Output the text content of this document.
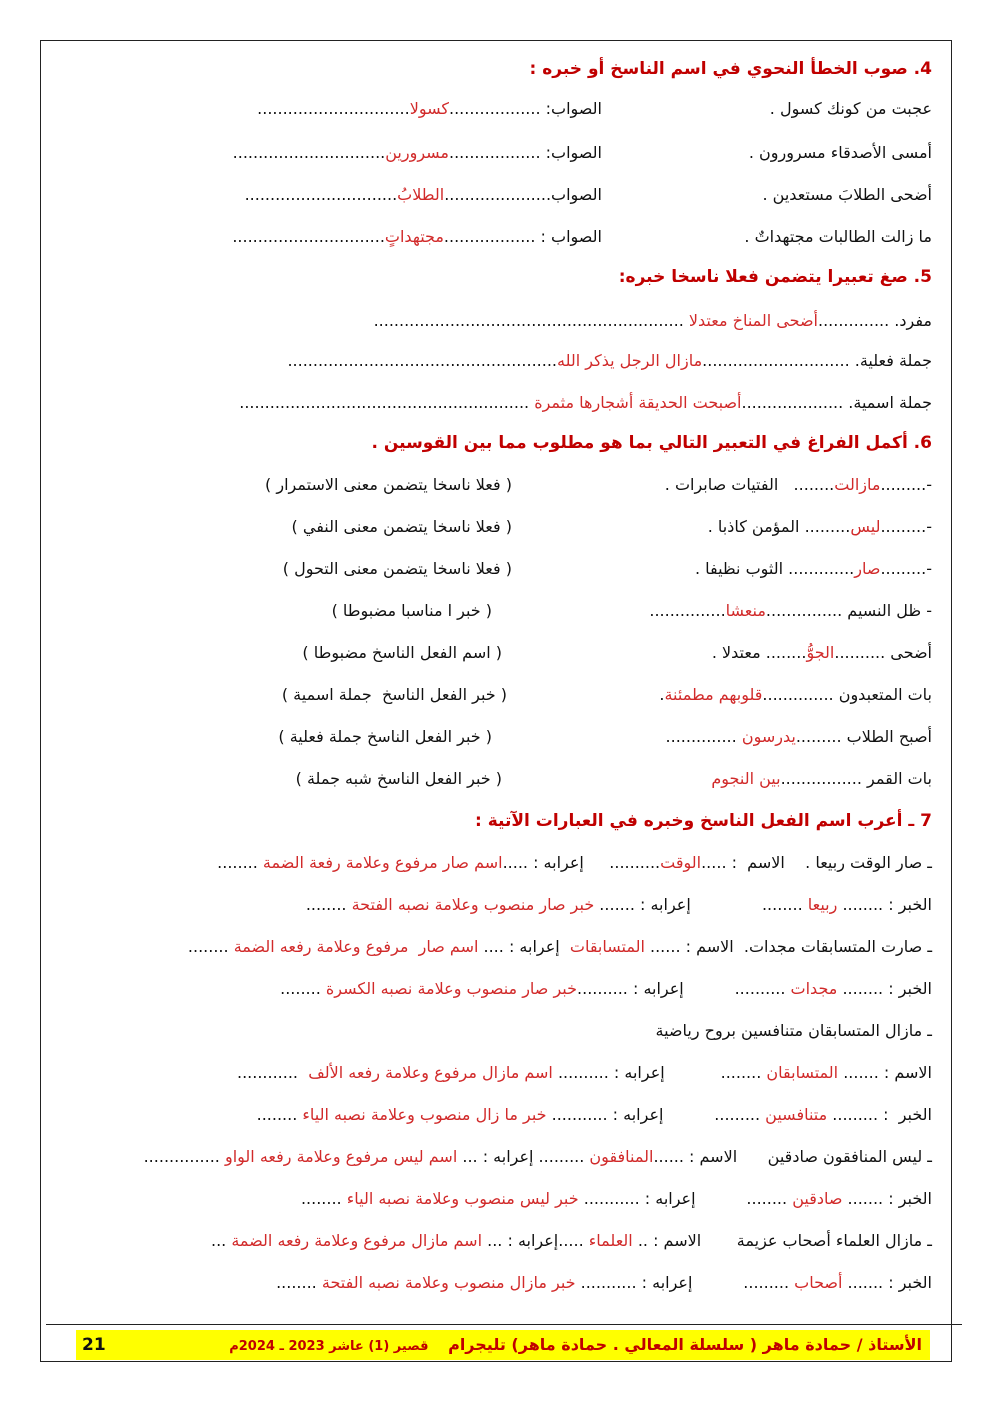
4. صوب الخطأ النحوي في اسم الناسخ أو خبره :
عجبت من كونك كسول .
الصواب: ..................كسولا..............................
أمسى الأصدقاء مسرورون .
الصواب: ..................مسرورين..............................
أضحى الطلابَ مستعدين .
الصواب.....................الطلابُ..............................
ما زالت الطالبات مجتهداتٌ .
الصواب : ..................مجتهداتٍ..............................
5. صغ تعبيرا يتضمن فعلا ناسخا خبره:
مفرد. ..............أضحى المناخ معتدلا .............................................................
جملة فعلية. .............................مازال الرجل يذكر الله.....................................................
جملة اسمية. ....................أصبحت الحديقة أشجارها مثمرة .........................................................
6. أكمل الفراغ في التعبير التالي بما هو مطلوب مما بين القوسين .
-.........مازالت........   الفتيات صابرات .
( فعلا ناسخا يتضمن معنى الاستمرار )
-.........ليس......... المؤمن كاذبا .
( فعلا ناسخا يتضمن معنى النفي )
-.........صار............. الثوب نظيفا .
( فعلا ناسخا يتضمن معنى التحول )
- ظل النسيم ...............منعشا...............
( خبر ا مناسبا مضبوطا )
أضحى ..........الجوُّ........ معتدلا .
( اسم الفعل الناسخ مضبوطا )
بات المتعبدون ..............قلوبهم مطمئنة.
( خبر الفعل الناسخ  جملة اسمية )
أصبح الطلاب .........يدرسون ..............
( خبر الفعل الناسخ جملة فعلية )
بات القمر ................بين النجوم
( خبر الفعل الناسخ شبه جملة )
7 ـ أعرب اسم الفعل الناسخ وخبره في العبارات الآتية :
ـ صار الوقت ربيعا .    الاسم  : .....الوقت..........     إعرابه : .....اسم صار مرفوع وعلامة رفعة الضمة ........
الخبر : ........ ربيعا ........              إعرابه : ....... خبر صار منصوب وعلامة نصبه الفتحة ........
ـ صارت المتسابقات مجدات.  الاسم : ...... المتسابقات  إعرابه : .... اسم صار  مرفوع وعلامة رفعه الضمة ........
الخبر : ........ مجدات ..........          إعرابه : ..........خبر صار منصوب وعلامة نصبه الكسرة ........
ـ مازال المتسابقان متنافسين بروح رياضية
الاسم : ....... المتسابقان ........           إعرابه : .......... اسم مازال مرفوع وعلامة رفعه الألف  ............
الخبر  : ......... متنافسين .........          إعرابه : ........... خبر ما زال منصوب وعلامة نصبه الياء ........
ـ ليس المنافقون صادقين      الاسم : ......المنافقون ......... إعرابه : ... اسم ليس مرفوع وعلامة رفعه الواو ...............
الخبر : ....... صادقين ........          إعرابه : ........... خبر ليس منصوب وعلامة نصبه الياء ........
ـ مازال العلماء أصحاب عزيمة       الاسم : .. العلماء .....إعرابه : ... اسم مازال مرفوع وعلامة رفعه الضمة ...
الخبر : ....... أصحاب .........          إعرابه : ........... خبر مازال منصوب وعلامة نصبه الفتحة ........
الأستاذ / حمادة ماهر ( سلسلة المعالي . حمادة ماهر) تليجرام قصير (1) عاشر 2023 ـ 2024م
21
